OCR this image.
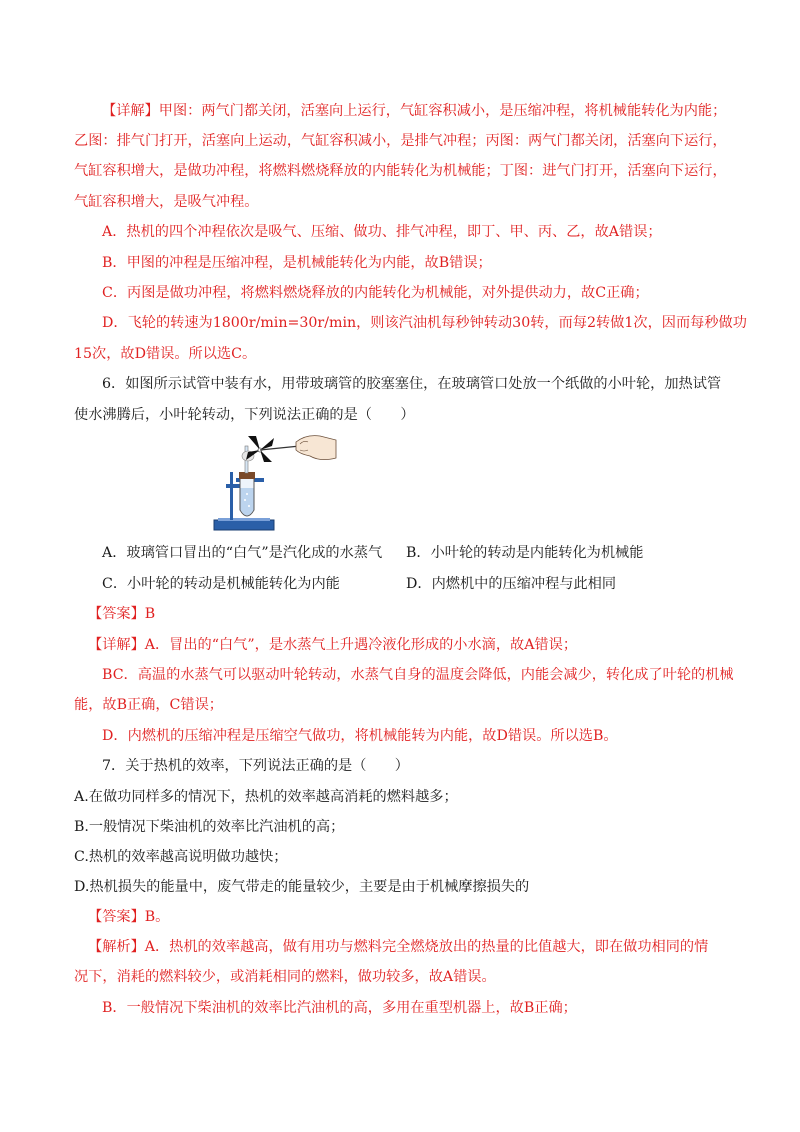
【详解】甲图：两气门都关闭，活塞向上运行，气缸容积减小，是压缩冲程，将机械能转化为内能；
乙图：排气门打开，活塞向上运动，气缸容积减小，是排气冲程；丙图：两气门都关闭，活塞向下运行，
气缸容积增大，是做功冲程，将燃料燃烧释放的内能转化为机械能；丁图：进气门打开，活塞向下运行，
气缸容积增大，是吸气冲程。
A．热机的四个冲程依次是吸气、压缩、做功、排气冲程，即丁、甲、丙、乙，故A错误；
B．甲图的冲程是压缩冲程，是机械能转化为内能，故B错误；
C．丙图是做功冲程，将燃料燃烧释放的内能转化为机械能，对外提供动力，故C正确；
D．飞轮的转速为1800r/min=30r/min，则该汽油机每秒钟转动30转，而每2转做1次，因而每秒做功
15次，故D错误。所以选C。
6．如图所示试管中装有水，用带玻璃管的胶塞塞住，在玻璃管口处放一个纸做的小叶轮，加热试管
使水沸腾后，小叶轮转动，下列说法正确的是（　　）
A．玻璃管口冒出的“白气”是汽化成的水蒸气 B．小叶轮的转动是内能转化为机械能
C．小叶轮的转动是机械能转化为内能	D．内燃机中的压缩冲程与此相同
【答案】B
【详解】A．冒出的“白气”，是水蒸气上升遇冷液化形成的小水滴，故A错误；
BC．高温的水蒸气可以驱动叶轮转动，水蒸气自身的温度会降低，内能会减少，转化成了叶轮的机械
能，故B正确，C错误；
D．内燃机的压缩冲程是压缩空气做功，将机械能转为内能，故D错误。所以选B。
7．关于热机的效率，下列说法正确的是（　　）
A.在做功同样多的情况下，热机的效率越高消耗的燃料越多；
B.一般情况下柴油机的效率比汽油机的高；
C.热机的效率越高说明做功越快；
D.热机损失的能量中，废气带走的能量较少，主要是由于机械摩擦损失的
【答案】B。
【解析】A．热机的效率越高，做有用功与燃料完全燃烧放出的热量的比值越大，即在做功相同的情
况下，消耗的燃料较少，或消耗相同的燃料，做功较多，故A错误。
B．一般情况下柴油机的效率比汽油机的高，多用在重型机器上，故B正确；
